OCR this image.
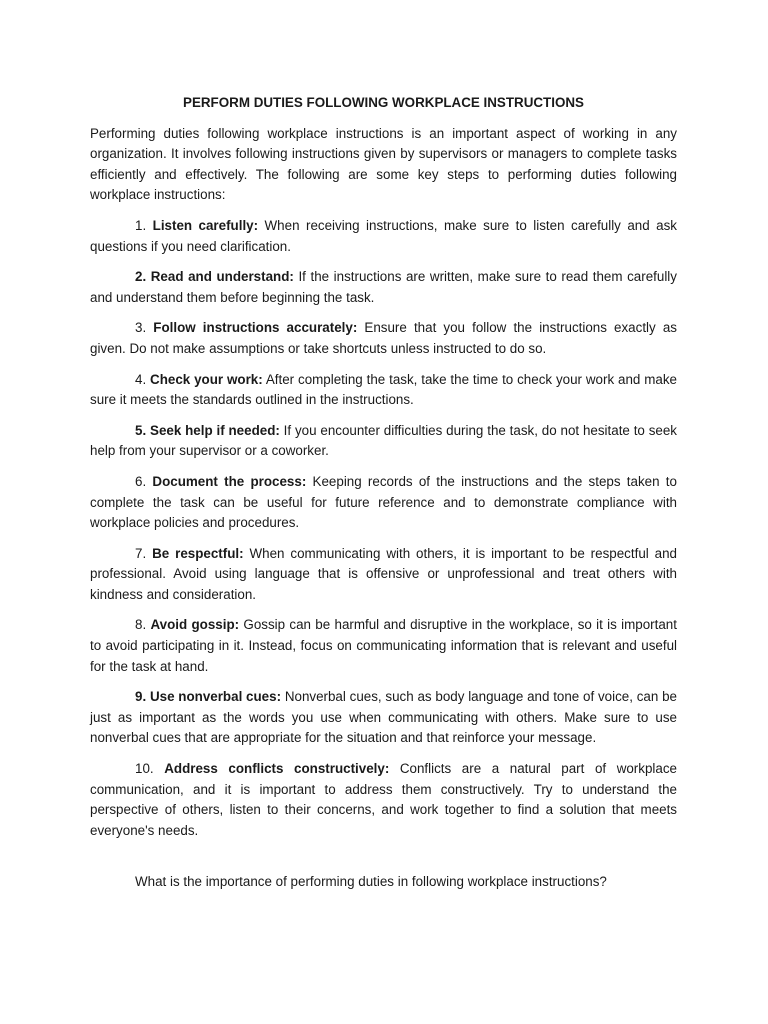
PERFORM DUTIES FOLLOWING WORKPLACE INSTRUCTIONS
Performing duties following workplace instructions is an important aspect of working in any organization. It involves following instructions given by supervisors or managers to complete tasks efficiently and effectively. The following are some key steps to performing duties following workplace instructions:
1. Listen carefully: When receiving instructions, make sure to listen carefully and ask questions if you need clarification.
2. Read and understand: If the instructions are written, make sure to read them carefully and understand them before beginning the task.
3. Follow instructions accurately: Ensure that you follow the instructions exactly as given. Do not make assumptions or take shortcuts unless instructed to do so.
4. Check your work: After completing the task, take the time to check your work and make sure it meets the standards outlined in the instructions.
5. Seek help if needed: If you encounter difficulties during the task, do not hesitate to seek help from your supervisor or a coworker.
6. Document the process: Keeping records of the instructions and the steps taken to complete the task can be useful for future reference and to demonstrate compliance with workplace policies and procedures.
7. Be respectful: When communicating with others, it is important to be respectful and professional. Avoid using language that is offensive or unprofessional and treat others with kindness and consideration.
8. Avoid gossip: Gossip can be harmful and disruptive in the workplace, so it is important to avoid participating in it. Instead, focus on communicating information that is relevant and useful for the task at hand.
9. Use nonverbal cues: Nonverbal cues, such as body language and tone of voice, can be just as important as the words you use when communicating with others. Make sure to use nonverbal cues that are appropriate for the situation and that reinforce your message.
10. Address conflicts constructively: Conflicts are a natural part of workplace communication, and it is important to address them constructively. Try to understand the perspective of others, listen to their concerns, and work together to find a solution that meets everyone's needs.
What is the importance of performing duties in following workplace instructions?
